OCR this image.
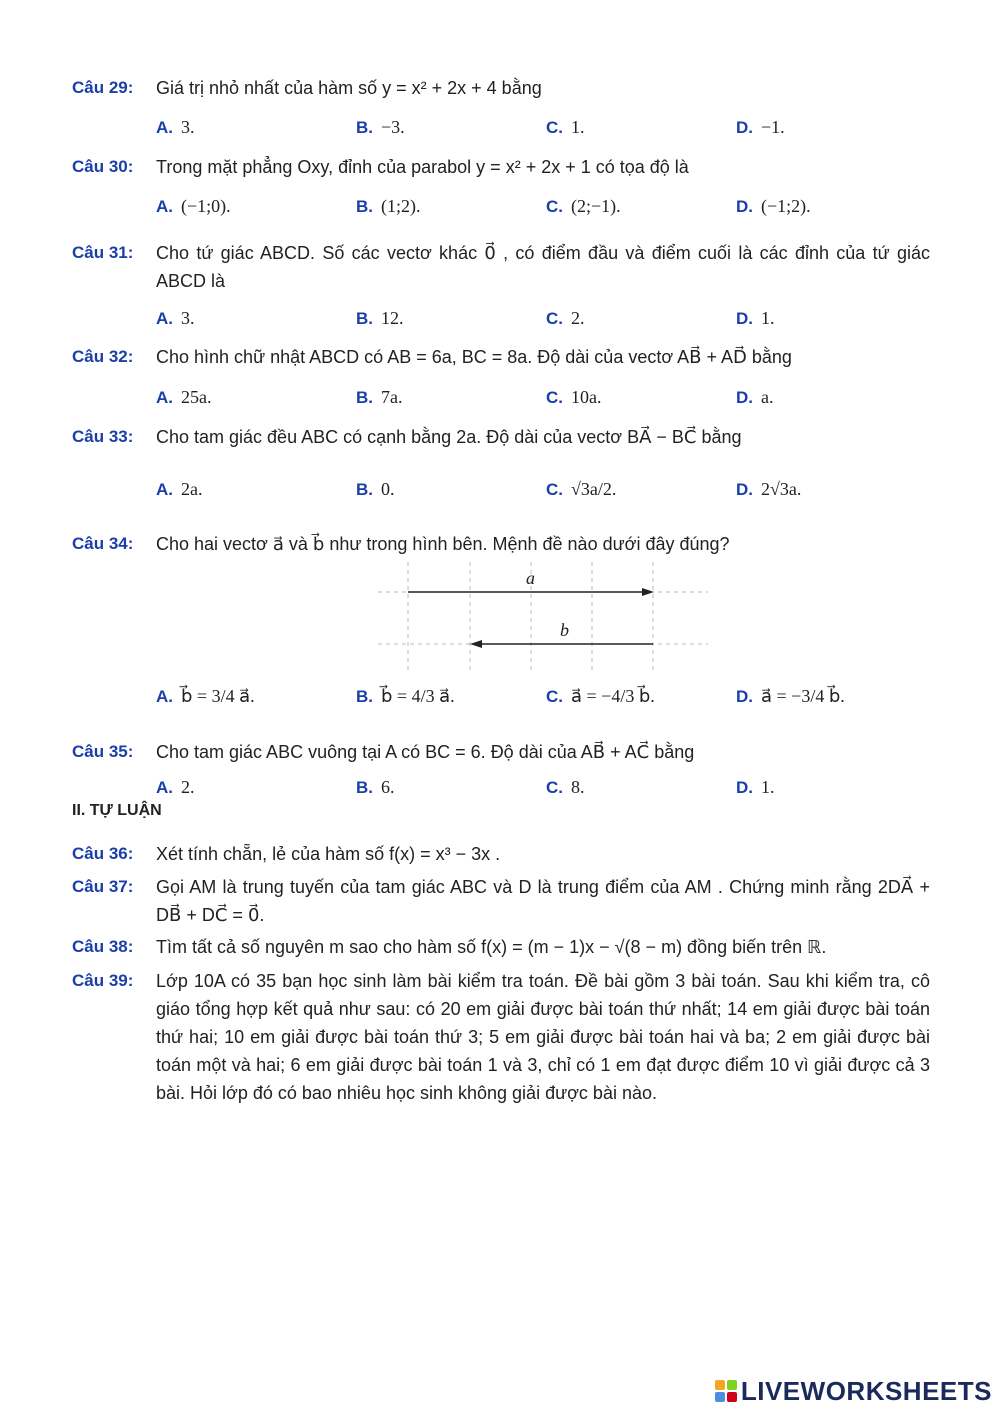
Câu 29: Giá trị nhỏ nhất của hàm số y = x² + 2x + 4 bằng
A. 3.	B. −3.	C. 1.	D. −1.
Câu 30: Trong mặt phẳng Oxy, đỉnh của parabol y = x² + 2x + 1 có tọa độ là
A. (−1;0).	B. (1;2).	C. (2;−1).	D. (−1;2).
Câu 31: Cho tứ giác ABCD. Số các vectơ khác 0⃗ , có điểm đầu và điểm cuối là các đỉnh của tứ giác ABCD là
A. 3.	B. 12.	C. 2.	D. 1.
Câu 32: Cho hình chữ nhật ABCD có AB = 6a, BC = 8a. Độ dài của vectơ AB⃗ + AD⃗ bằng
A. 25a.	B. 7a.	C. 10a.	D. a.
Câu 33: Cho tam giác đều ABC có cạnh bằng 2a. Độ dài của vectơ BA⃗ − BC⃗ bằng
A. 2a.	B. 0.	C. √3a/2.	D. 2√3a.
Câu 34: Cho hai vectơ a⃗ và b⃗ như trong hình bên. Mệnh đề nào dưới đây đúng?
a⃗
b⃗
A. b⃗ = 3/4 a⃗.	B. b⃗ = 4/3 a⃗.	C. a⃗ = −4/3 b⃗.	D. a⃗ = −3/4 b⃗.
Câu 35: Cho tam giác ABC vuông tại A có BC = 6. Độ dài của AB⃗ + AC⃗ bằng
A. 2.	B. 6.	C. 8.	D. 1.
II. TỰ LUẬN
Câu 36: Xét tính chẵn, lẻ của hàm số f(x) = x³ − 3x .
Câu 37: Gọi AM là trung tuyến của tam giác ABC và D là trung điểm của AM . Chứng minh rằng 2DA⃗ + DB⃗ + DC⃗ = 0⃗.
Câu 38: Tìm tất cả số nguyên m sao cho hàm số f(x) = (m − 1)x − √(8 − m) đồng biến trên ℝ.
Câu 39: Lớp 10A có 35 bạn học sinh làm bài kiểm tra toán. Đề bài gồm 3 bài toán. Sau khi kiểm tra, cô giáo tổng hợp kết quả như sau: có 20 em giải được bài toán thứ nhất; 14 em giải được bài toán thứ hai; 10 em giải được bài toán thứ 3; 5 em giải được bài toán hai và ba; 2 em giải được bài toán một và hai; 6 em giải được bài toán 1 và 3, chỉ có 1 em đạt được điểm 10 vì giải được cả 3 bài. Hỏi lớp đó có bao nhiêu học sinh không giải được bài nào.
LIVEWORKSHEETS
